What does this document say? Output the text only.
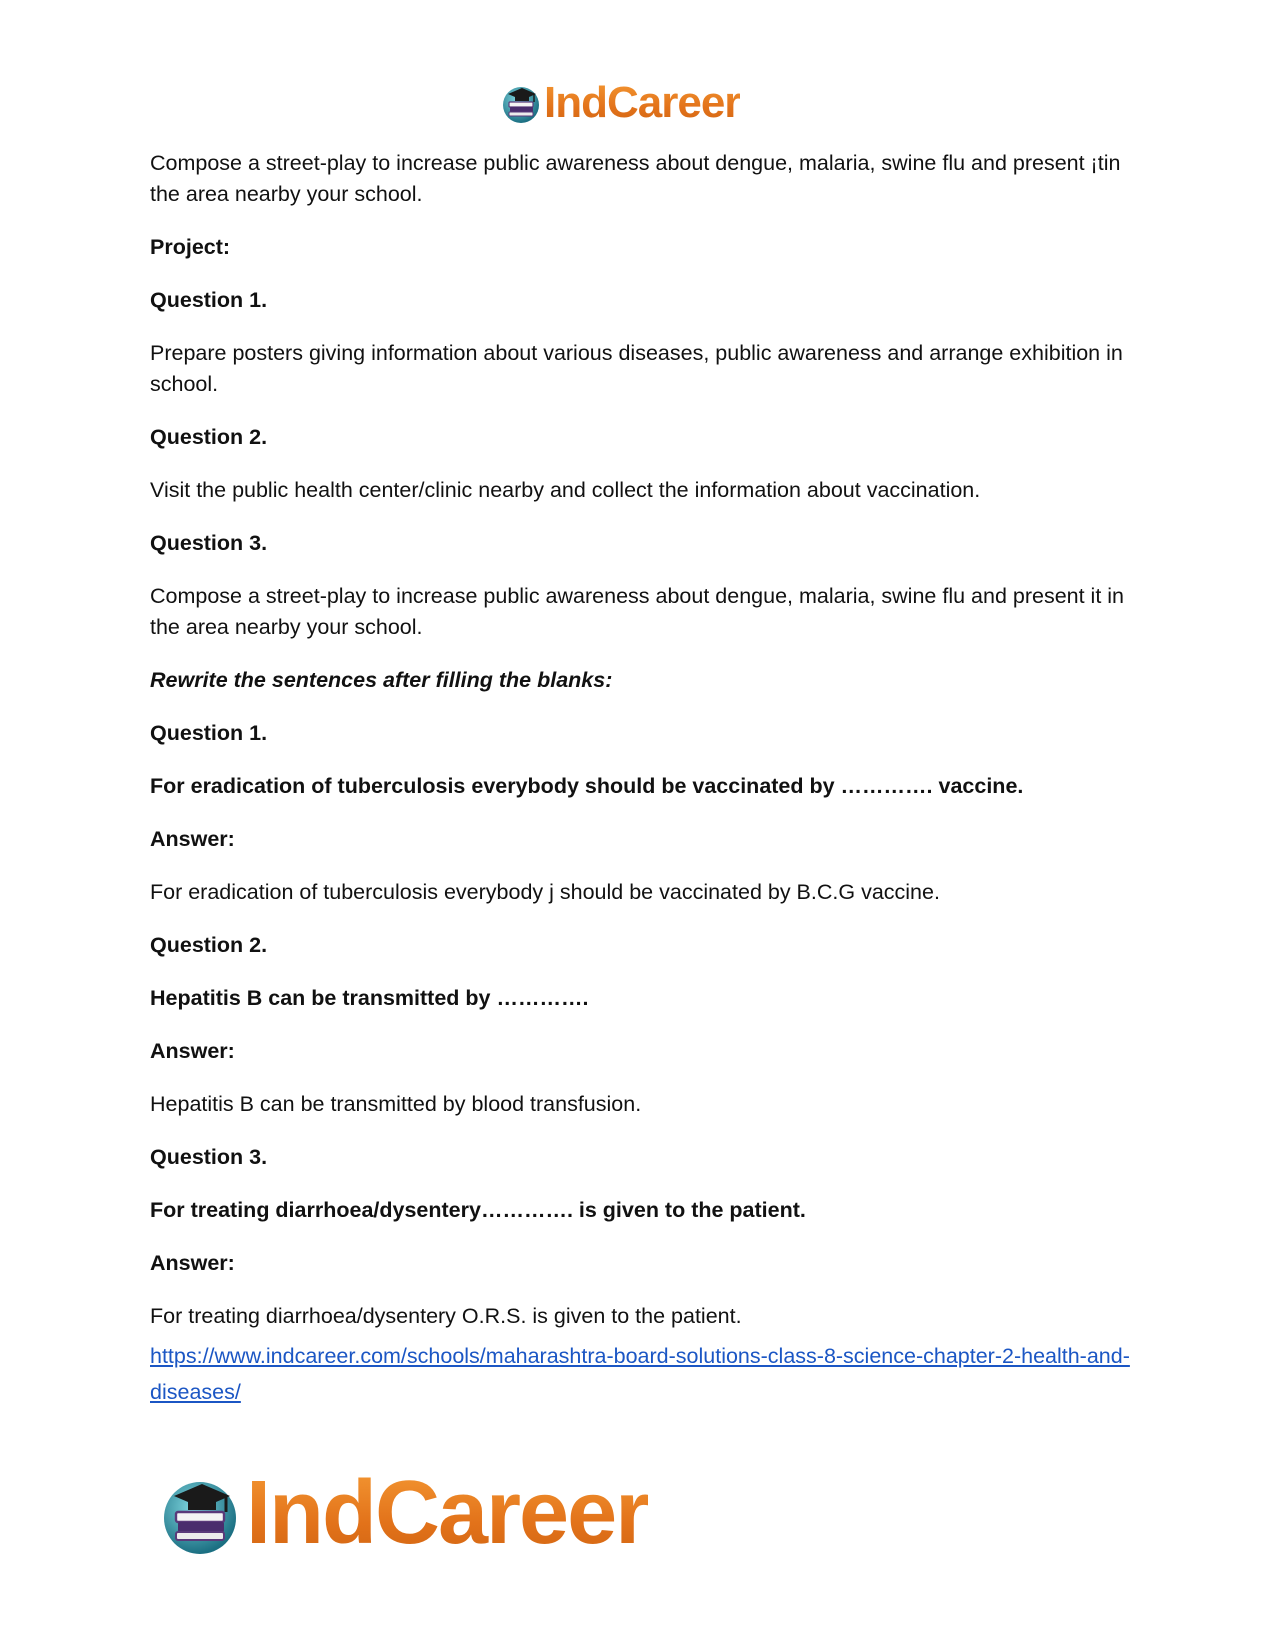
IndCareer

Compose a street-play to increase public awareness about dengue, malaria, swine flu and present ¡tin the area nearby your school.

Project:

Question 1.

Prepare posters giving information about various diseases, public awareness and arrange exhibition in school.

Question 2.

Visit the public health center/clinic nearby and collect the information about vaccination.

Question 3.

Compose a street-play to increase public awareness about dengue, malaria, swine flu and present it in the area nearby your school.

Rewrite the sentences after filling the blanks:

Question 1.

For eradication of tuberculosis everybody should be vaccinated by …………. vaccine.

Answer:

For eradication of tuberculosis everybody j should be vaccinated by B.C.G vaccine.

Question 2.

Hepatitis B can be transmitted by ………….

Answer:

Hepatitis B can be transmitted by blood transfusion.

Question 3.

For treating diarrhoea/dysentery…………. is given to the patient.

Answer:

For treating diarrhoea/dysentery O.R.S. is given to the patient.

https://www.indcareer.com/schools/maharashtra-board-solutions-class-8-science-chapter-2-health-and-diseases/
IndCareer
